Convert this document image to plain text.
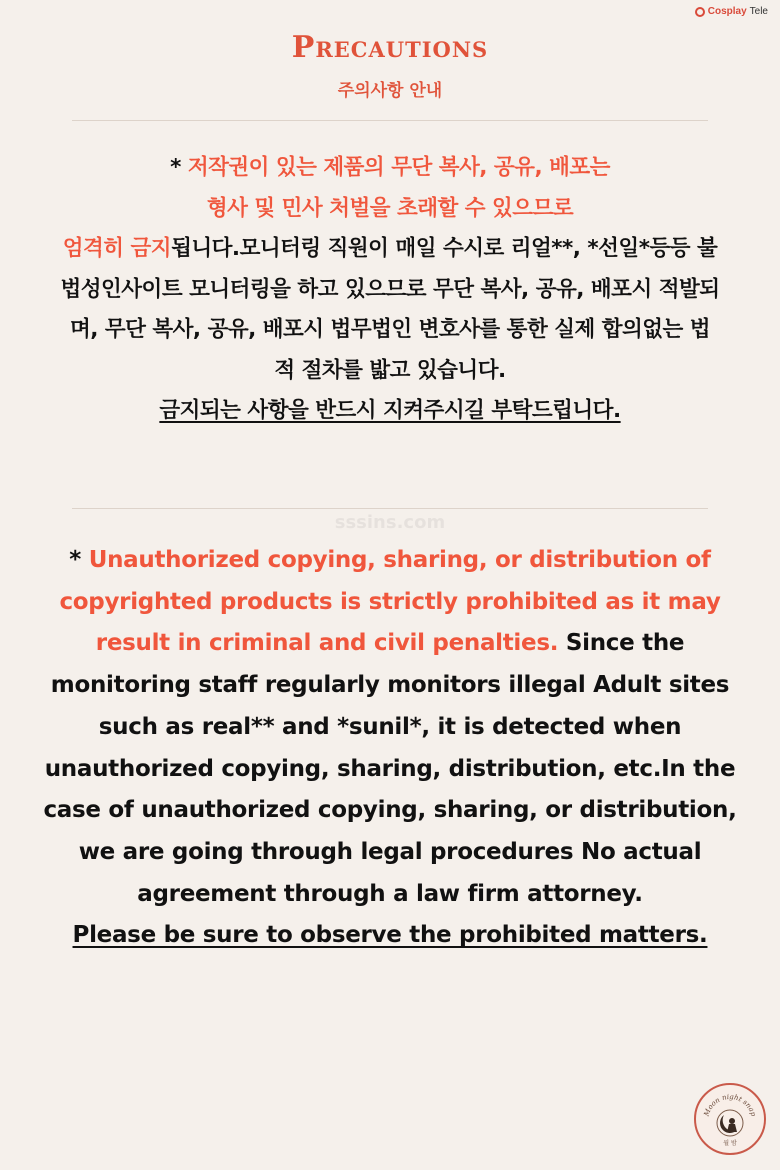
Cosplay Tele
Precautions
주의사항 안내
* 저작권이 있는 제품의 무단 복사, 공유, 배포는
형사 및 민사 처벌을 초래할 수 있으므로
엄격히 금지됩니다.모니터링 직원이 매일 수시로 리얼**, *선일*등등 불법성인사이트 모니터링을 하고 있으므로 무단 복사, 공유, 배포시 적발되며, 무단 복사, 공유, 배포시 법무법인 변호사를 통한 실제 합의없는 법적 절차를 밟고 있습니다.
금지되는 사항을 반드시 지켜주시길 부탁드립니다.
sssins.com
* Unauthorized copying, sharing, or distribution of copyrighted products is strictly prohibited as it may result in criminal and civil penalties. Since the monitoring staff regularly monitors illegal Adult sites such as real** and *sunil*, it is detected when unauthorized copying, sharing, distribution, etc.In the case of unauthorized copying, sharing, or distribution, we are going through legal procedures No actual agreement through a law firm attorney.
Please be sure to observe the prohibited matters.
Moon night snap
월 밤
